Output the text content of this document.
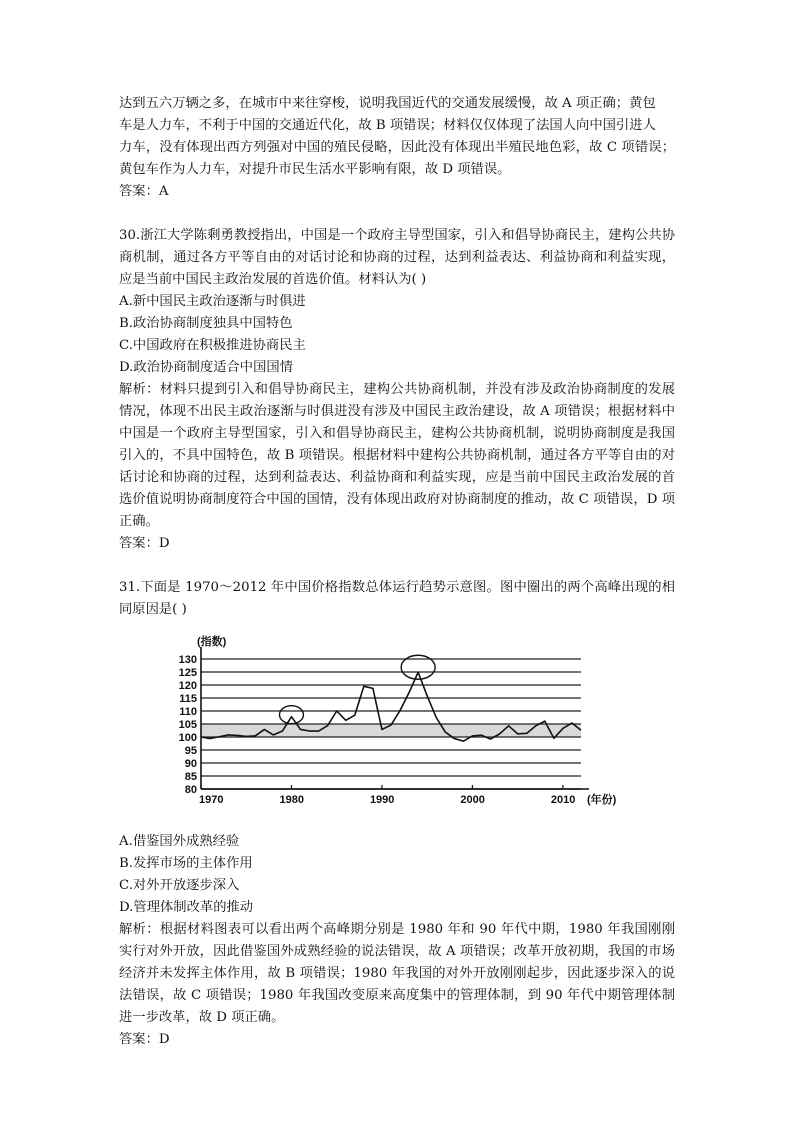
达到五六万辆之多，在城市中来往穿梭，说明我国近代的交通发展缓慢，故 A 项正确；黄包

车是人力车，不利于中国的交通近代化，故 B 项错误；材料仅仅体现了法国人向中国引进人

力车，没有体现出西方列强对中国的殖民侵略，因此没有体现出半殖民地色彩，故 C 项错误；黄包车作为人力车，对提升市民生活水平影响有限，故 D 项错误。

答案：A

30.浙江大学陈剩勇教授指出，中国是一个政府主导型国家，引入和倡导协商民主，建构公共协商机制，通过各方平等自由的对话讨论和协商的过程，达到利益表达、利益协商和利益实现，应是当前中国民主政治发展的首选价值。材料认为( )

A.新中国民主政治逐渐与时俱进

B.政治协商制度独具中国特色

C.中国政府在积极推进协商民主

D.政治协商制度适合中国国情

解析：材料只提到引入和倡导协商民主，建构公共协商机制，并没有涉及政治协商制度的发展情况，体现不出民主政治逐渐与时俱进没有涉及中国民主政治建设，故 A 项错误；根据材料中中国是一个政府主导型国家，引入和倡导协商民主，建构公共协商机制，说明协商制度是我国引入的，不具中国特色，故 B 项错误。根据材料中建构公共协商机制，通过各方平等自由的对话讨论和协商的过程，达到利益表达、利益协商和利益实现，应是当前中国民主政治发展的首选价值说明协商制度符合中国的国情，没有体现出政府对协商制度的推动，故 C 项错误，D 项正确。

答案：D

31.下面是 1970～2012 年中国价格指数总体运行趋势示意图。图中圈出的两个高峰出现的相同原因是( )

80
85
90
95
100
105
110
115
120
125
130
(指数)
1970	1980	1990	2000	2010 (年份)

A.借鉴国外成熟经验

B.发挥市场的主体作用

C.对外开放逐步深入

D.管理体制改革的推动

解析：根据材料图表可以看出两个高峰期分别是 1980 年和 90 年代中期，1980 年我国刚刚实行对外开放，因此借鉴国外成熟经验的说法错误，故 A 项错误；改革开放初期，我国的市场经济并未发挥主体作用，故 B 项错误；1980 年我国的对外开放刚刚起步，因此逐步深入的说法错误，故 C 项错误；1980 年我国改变原来高度集中的管理体制，到 90 年代中期管理体制进一步改革，故 D 项正确。

答案：D
